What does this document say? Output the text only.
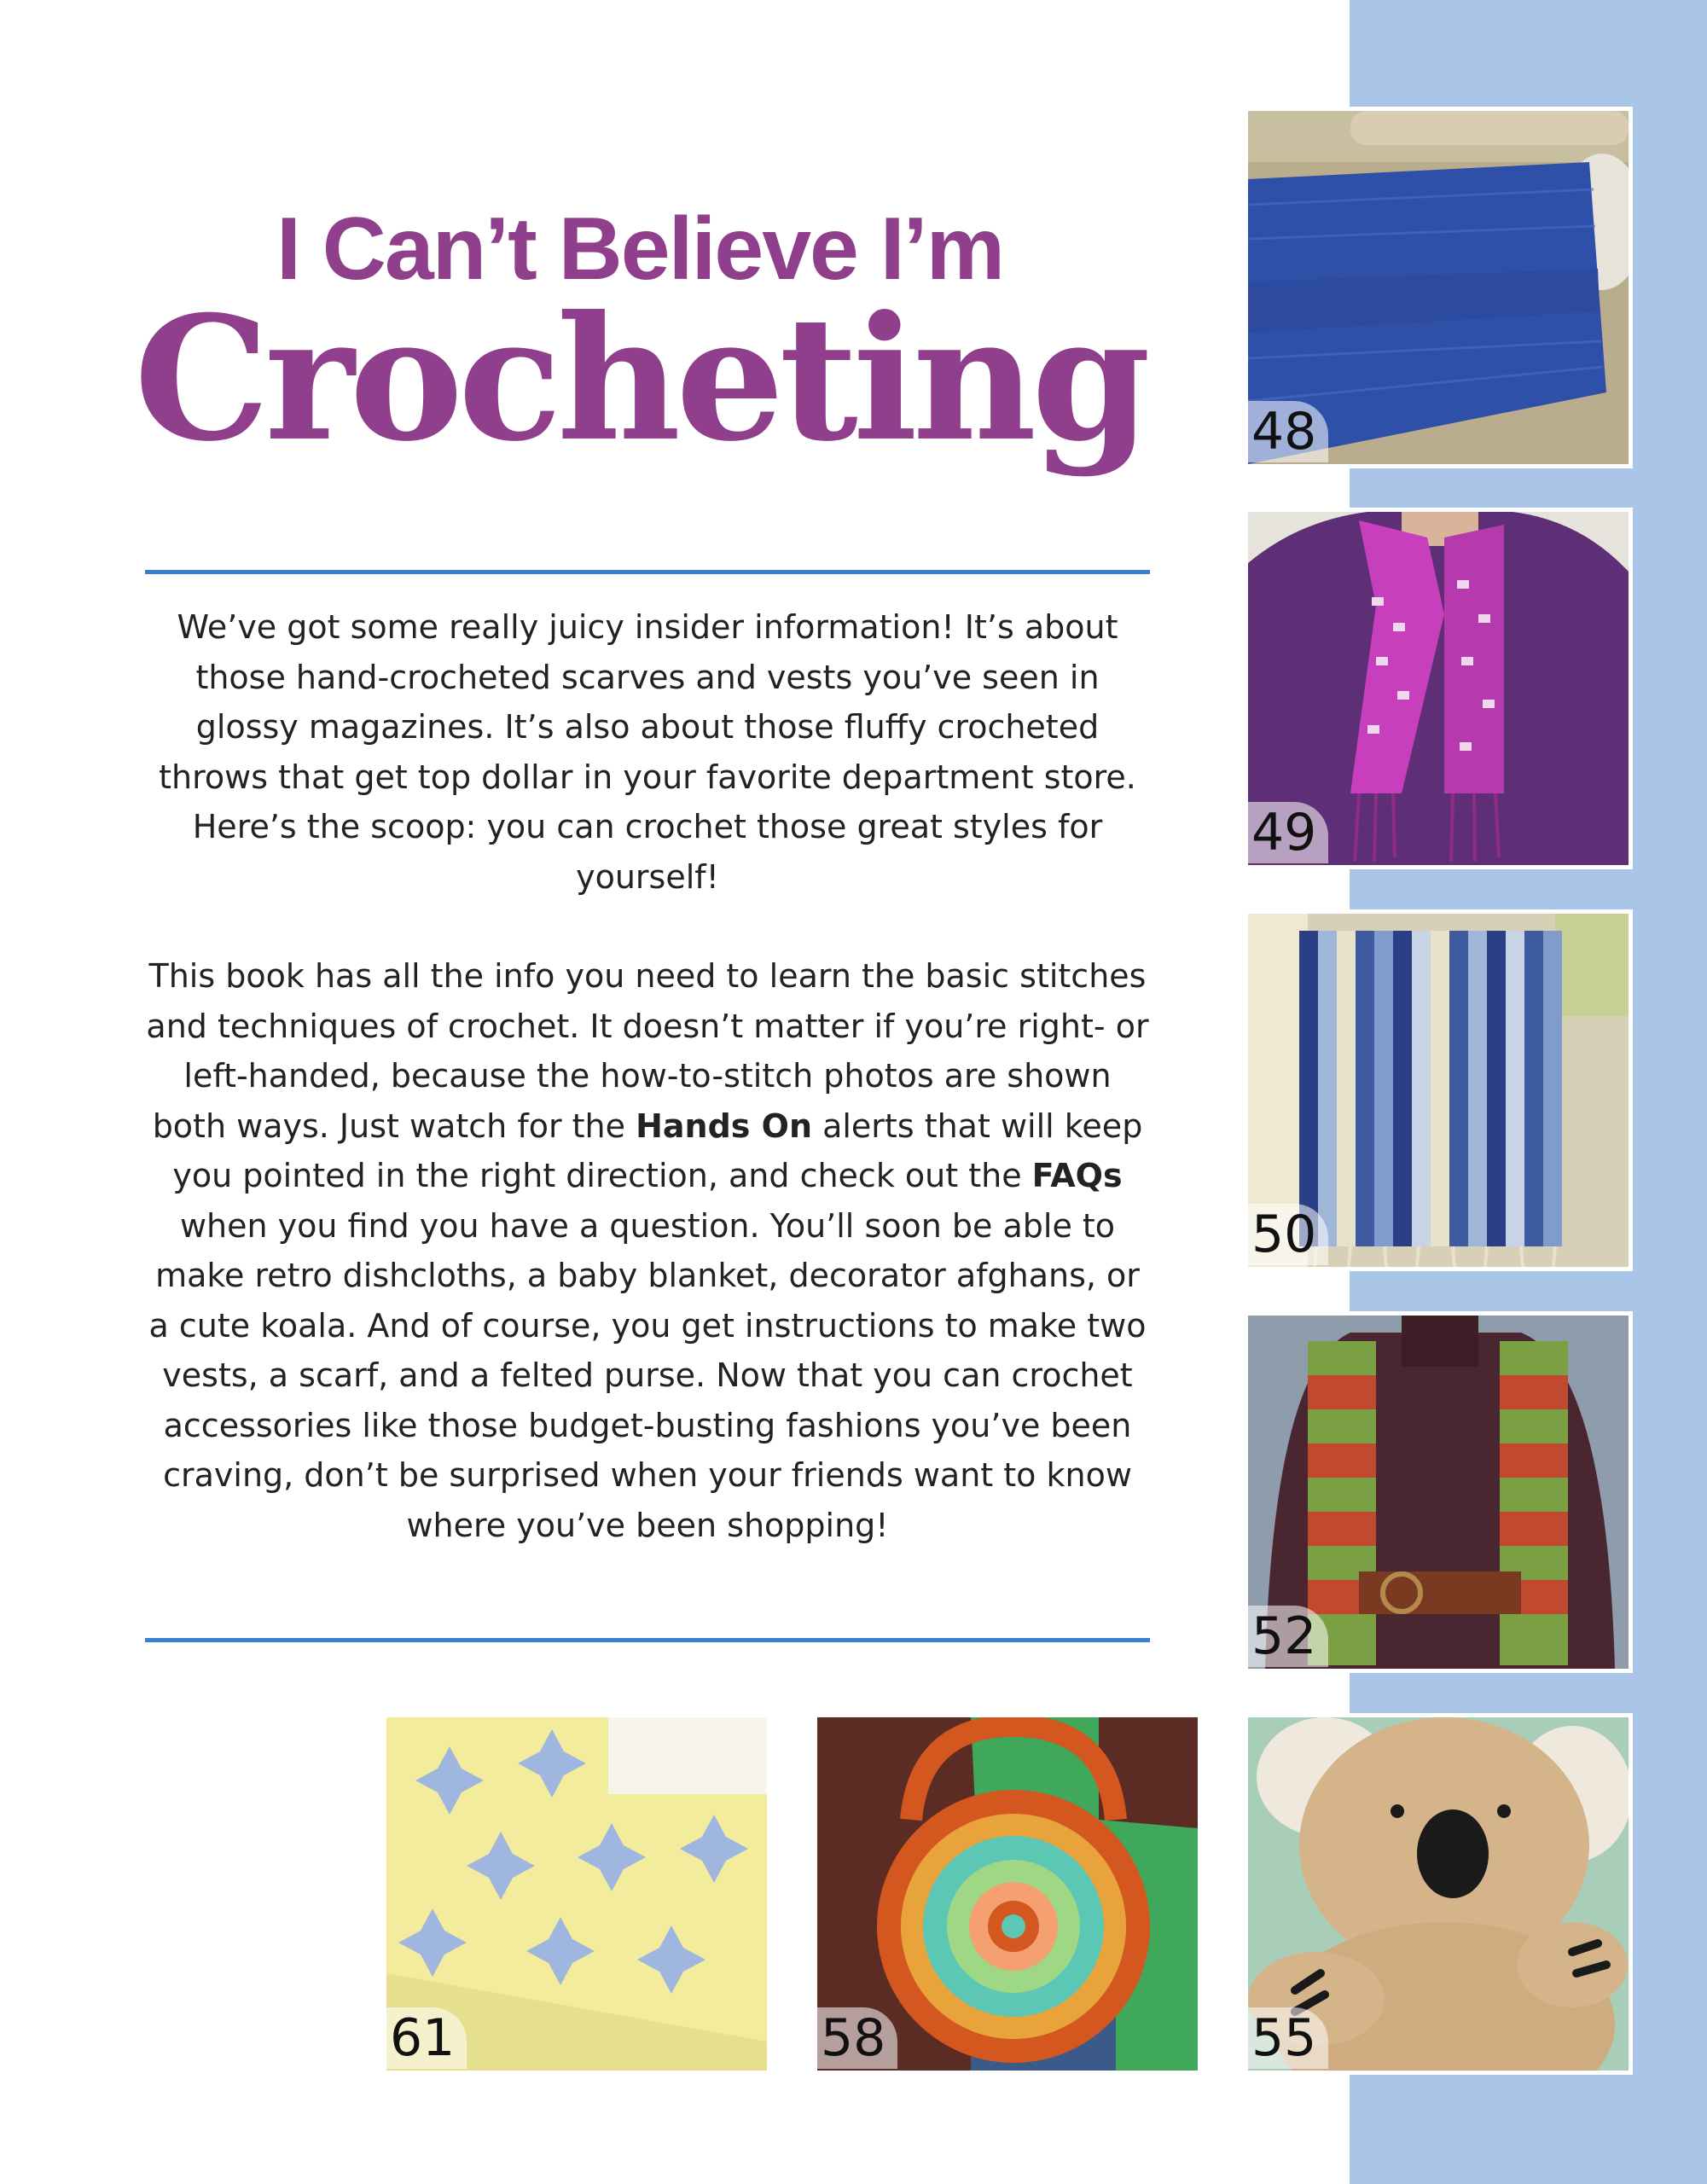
I Can’t Believe I’m
Crocheting

We’ve got some really juicy insider information! It’s about those hand-crocheted scarves and vests you’ve seen in glossy magazines. It’s also about those fluffy crocheted throws that get top dollar in your favorite department store. Here’s the scoop: you can crochet those great styles for yourself!

This book has all the info you need to learn the basic stitches and techniques of crochet. It doesn’t matter if you’re right- or left-handed, because the how-to-stitch photos are shown both ways. Just watch for the Hands On alerts that will keep you pointed in the right direction, and check out the FAQs when you find you have a question. You’ll soon be able to make retro dishcloths, a baby blanket, decorator afghans, or a cute koala. And of course, you get instructions to make two vests, a scarf, and a felted purse. Now that you can crochet accessories like those budget-busting fashions you’ve been craving, don’t be surprised when your friends want to know where you’ve been shopping!

48
49
50
52
55
58
61
